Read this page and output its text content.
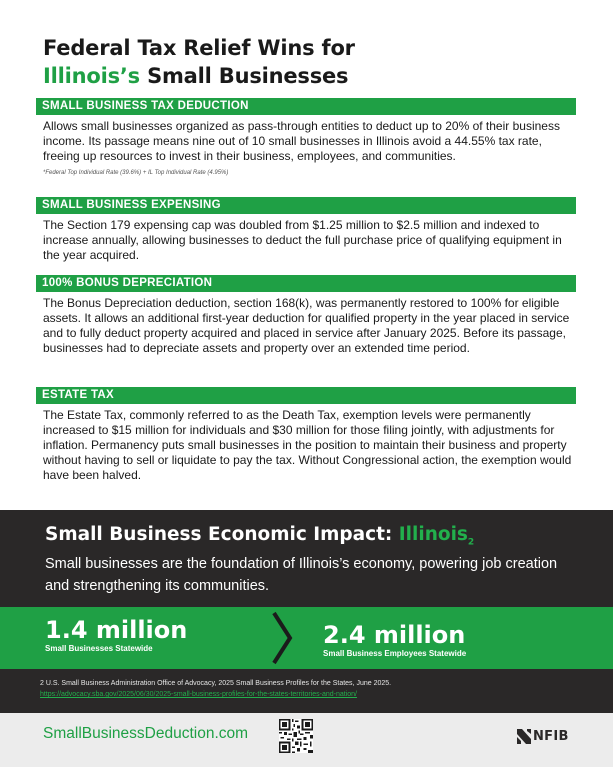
Federal Tax Relief Wins for
Illinois’s Small Businesses
SMALL BUSINESS TAX DEDUCTION
Allows small businesses organized as pass-through entities to deduct up to 20% of their business income. Its passage means nine out of 10 small businesses in Illinois avoid a 44.55% tax rate, freeing up resources to invest in their business, employees, and communities.
*Federal Top Individual Rate (39.6%) + IL Top Individual Rate (4.95%)
SMALL BUSINESS EXPENSING
The Section 179 expensing cap was doubled from $1.25 million to $2.5 million and indexed to increase annually, allowing businesses to deduct the full purchase price of qualifying equipment in the year acquired.
100% BONUS DEPRECIATION
The Bonus Depreciation deduction, section 168(k), was permanently restored to 100% for eligible assets. It allows an additional first-year deduction for qualified property in the year placed in service and to fully deduct property acquired and placed in service after January 2025. Before its passage, businesses had to depreciate assets and property over an extended time period.
ESTATE TAX
The Estate Tax, commonly referred to as the Death Tax, exemption levels were permanently increased to $15 million for individuals and $30 million for those filing jointly, with adjustments for inflation. Permanency puts small businesses in the position to maintain their business and property without having to sell or liquidate to pay the tax. Without Congressional action, the exemption would have been halved.
Small Business Economic Impact: Illinois$_2$
Small businesses are the foundation of Illinois’s economy, powering job creation and strengthening its communities.
1.4 million
Small Businesses Statewide	2.4 million
Small Business Employees Statewide
2 U.S. Small Business Administration Office of Advocacy, 2025 Small Business Profiles for the States, June 2025.
https://advocacy.sba.gov/2025/06/30/2025-small-business-profiles-for-the-states-territories-and-nation/
SmallBusinessDeduction.com	NFIB
